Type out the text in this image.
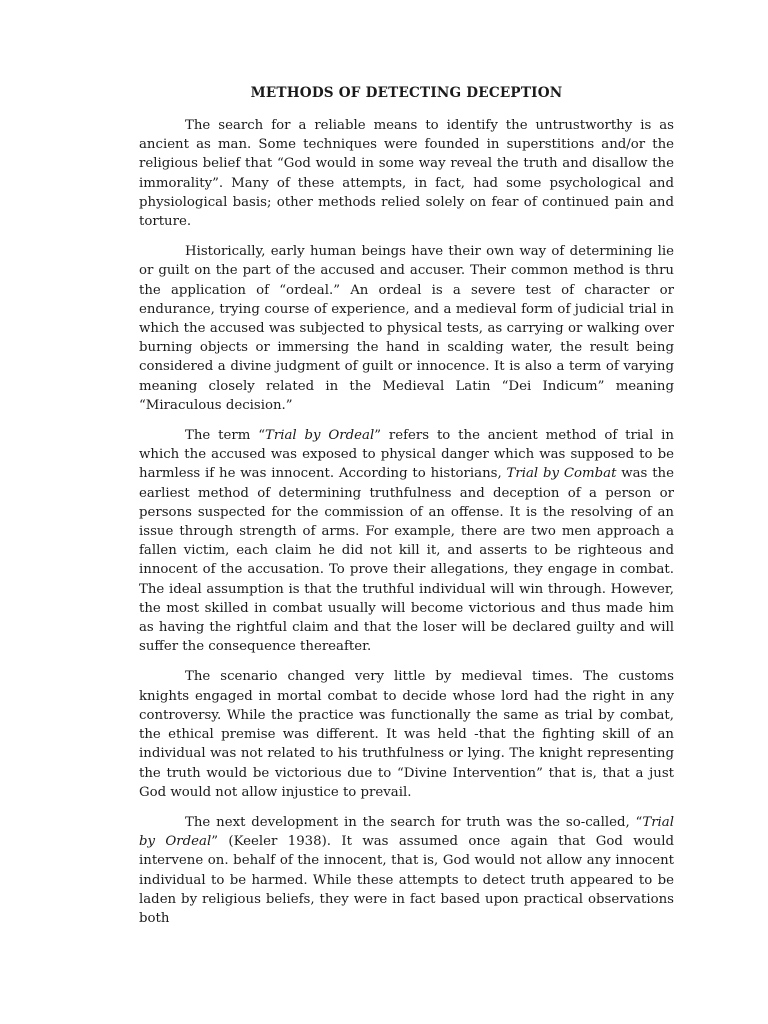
METHODS OF DETECTING DECEPTION

The search for a reliable means to identify the untrustworthy is as ancient as man. Some techniques were founded in superstitions and/or the religious belief that “God would in some way reveal the truth and disallow the immorality”. Many of these attempts, in fact, had some psychological and physiological basis; other methods relied solely on fear of continued pain and torture.

Historically, early human beings have their own way of determining lie or guilt on the part of the accused and accuser. Their common method is thru the application of “ordeal.” An ordeal is a severe test of character or endurance, trying course of experience, and a medieval form of judicial trial in which the accused was subjected to physical tests, as carrying or walking over burning objects or immersing the hand in scalding water, the result being considered a divine judgment of guilt or innocence. It is also a term of varying meaning closely related in the Medieval Latin “Dei Indicum” meaning “Miraculous decision.”

The term “Trial by Ordeal” refers to the ancient method of trial in which the accused was exposed to physical danger which was supposed to be harmless if he was innocent. According to historians, Trial by Combat was the earliest method of determining truthfulness and deception of a person or persons suspected for the commission of an offense. It is the resolving of an issue through strength of arms. For example, there are two men approach a fallen victim, each claim he did not kill it, and asserts to be righteous and innocent of the accusation. To prove their allegations, they engage in combat. The ideal assumption is that the truthful individual will win through. However, the most skilled in combat usually will become victorious and thus made him as having the rightful claim and that the loser will be declared guilty and will suffer the consequence thereafter.

The scenario changed very little by medieval times. The customs knights engaged in mortal combat to decide whose lord had the right in any controversy. While the practice was functionally the same as trial by combat, the ethical premise was different. It was held -that the fighting skill of an individual was not related to his truthfulness or lying. The knight representing the truth would be victorious due to “Divine Intervention” that is, that a just God would not allow injustice to prevail.

The next development in the search for truth was the so-called, “Trial by Ordeal” (Keeler 1938). It was assumed once again that God would intervene on. behalf of the innocent, that is, God would not allow any innocent individual to be harmed. While these attempts to detect truth appeared to be laden by religious beliefs, they were in fact based upon practical observations both
